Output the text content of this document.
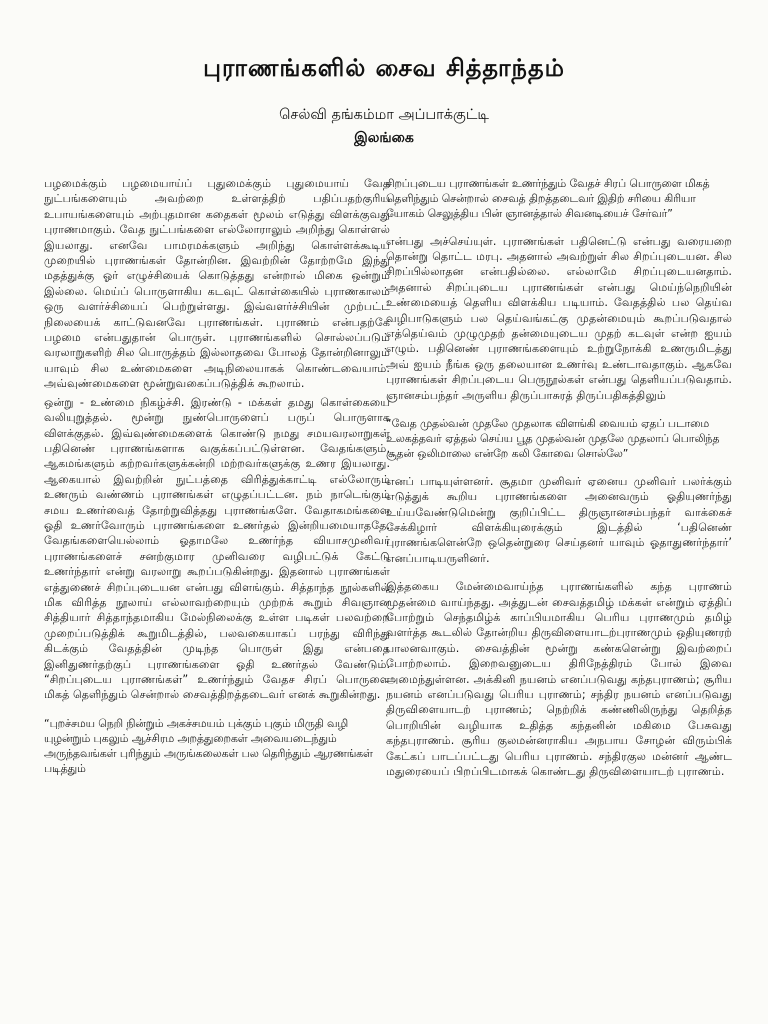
புராணங்களில் சைவ சித்தாந்தம்
செல்வி தங்கம்மா அப்பாக்குட்டி
இலங்கை

பழமைக்கும் பழமையாய்ப் புதுமைக்கும் புதுமையாய் வேத நுட்பங்களையும் அவற்றை உள்ளத்திற் பதிப்பதற்குரிய உபாயங்களையும் அற்புதமான கதைகள் மூலம் எடுத்து விளக்குவது புராணமாகும். வேத நுட்பங்களை எல்லோராலும் அறிந்து கொள்ளல் இயலாது. எனவே பாமரமக்களும் அறிந்து கொள்ளக்கூடிய முறையில் புராணங்கள் தோன்றின. இவற்றின் தோற்றமே இந்து மதத்துக்கு ஓர் எழுச்சியைக் கொடுத்தது என்றால் மிகை ஒன்றும் இல்லை. மெய்ப் பொருளாகிய கடவுட் கொள்கையில் புராணகாலம் ஒரு வளர்ச்சியைப் பெற்றுள்ளது. இவ்வளர்ச்சியின் முற்பட்ட நிலையைக் காட்டுவனவே புராணங்கள். புராணம் என்பதற்கே பழமை என்பதுதான் பொருள். புராணங்களில் சொல்லப்படும் வரலாறுகளிற் சில பொருத்தம் இல்லாதவை போலத் தோன்றினாலும் யாவும் சில உண்மைகளை அடிநிலையாகக் கொண்டவையாம். அவ்வுண்மைகளை மூன்றுவகைப்படுத்திக் கூறலாம்.

ஒன்று - உண்மை நிகழ்ச்சி. இரண்டு - மக்கள் தமது கொள்கையை வலியுறுத்தல். மூன்று நுண்பொருளைப் பருப் பொருளாக விளக்குதல். இவ்வுண்மைகளைக் கொண்டு நமது சமயவரலாறுகள் பதினெண் புராணங்களாக வகுக்கப்பட்டுள்ளன. வேதங்களும், ஆகமங்களும் கற்றவர்களுக்கன்றி மற்றவர்களுக்கு உணர இயலாது. ஆகையால் இவற்றின் நுட்பத்தை விரித்துக்காட்டி எல்லோரும் உணரும் வண்ணம் புராணங்கள் எழுதப்பட்டன. நம் நாடெங்கும் சமய உணர்வைத் தோற்றுவித்தது புராணங்களே. வேதாகமங்களை ஓதி உணர்வோரும் புராணங்களை உணர்தல் இன்றியமையாததே. வேதங்களையெல்லாம் ஓதாமலே உணர்ந்த வியாசமுனிவர் புராணங்களைச் சனற்குமார முனிவரை வழிபட்டுக் கேட்டு உணர்ந்தார் என்று வரலாறு கூறப்படுகின்றது. இதனால் புராணங்கள் எத்துணைச் சிறப்புடையன என்பது விளங்கும். சித்தாந்த நூல்களில் மிக விரித்த நூலாய் எல்லாவற்றையும் முற்றக் கூறும் சிவஞான சித்தியார் சித்தாந்தமாகிய மேல்நிலைக்கு உள்ள படிகள் பலவற்றை முறைப்படுத்திக் கூறுமிடத்தில், பலவகையாகப் பரந்து விரிந்து கிடக்கும் வேதத்தின் முடிந்த பொருள் இது என்பதை இனிதுணர்தற்குப் புராணங்களை ஓதி உணர்தல் வேண்டும். “சிறப்புடைய புராணங்கள்” உணர்ந்தும் வேதச சிரப் பொருளை மிகத் தெளிந்தும் சென்றால் சைவத்திறத்தடைவர் எனக் கூறுகின்றது.

“புறச்சமய நெறி நின்றும் அகச்சமயம் புக்கும் புகும் மிருதி வழி யுழன்றும் புகலும் ஆச்சிரம அறத்துறைகள் அவையடைந்தும் அருந்தவங்கள் புரிந்தும் அருங்கலைகள் பல தெரிந்தும் ஆரணங்கள் படித்தும்

சிறப்புடைய புராணங்கள் உணர்ந்தும் வேதச் சிரப் பொருளை மிகத் தெளிந்தும் சென்றால் சைவத் திறத்தடைவர் இதிற் சரியை கிரியா யோகம் செலுத்திய பின் ஞானத்தால் சிவனடியைச் சேர்வர்”

என்பது அச்செய்யுள். புராணங்கள் பதினெட்டு என்பது வரையறை தொன்று தொட்ட மரபு. அதனால் அவற்றுள் சில சிறப்புடையன. சில சிறப்பில்லாதன என்பதில்லை. எல்லாமே சிறப்புடையனதாம். அதனால் சிறப்புடைய புராணங்கள் என்பது மெய்ந்நெறியின் உண்மையைத் தெளிய விளக்கிய படியாம். வேதத்தில் பல தெய்வ வழிபாடுகளும் பல தெய்வங்கட்கு முதன்மையும் கூறப்படுவதால் எத்தெய்வம் முழுமுதற் தன்மையுடைய முதற் கடவுள் என்ற ஐயம் எழும். பதினெண் புராணங்களையும் உற்றுநோக்கி உணருமிடத்து அவ் ஐயம் நீங்க ஒரு தலையான உணர்வு உண்டாவதாகும். ஆகவே புராணங்கள் சிறப்புடைய பெருநூல்கள் என்பது தெளியப்படுவதாம். ஞானசம்பந்தர் அருளிய திருப்பாசுரத் திருப்பதிகத்திலும்

“வேத முதல்வன் முதலே முதலாக விளங்கி வையம் ஏதப் படாமை உலகத்தவர் ஏத்தல் செய்ய பூத முதல்வன் முதலே முதலாப் பொலிந்த சூதன் ஒலிமாலை என்றே கலி கோவை சொல்லே”

எனப் பாடியுள்ளனர். சூதமா முனிவர் ஏனைய முனிவர் பலர்க்கும் எடுத்துக் கூறிய புராணங்களை அனைவரும் ஓதியுணர்ந்து உய்யவேண்டுமென்று குறிப்பிட்ட திருஞானசம்பந்தர் வாக்கைச் சேக்கிழார் விளக்கியுரைக்கும் இடத்தில் ‘பதினெண் புராணங்களென்றே ஒதென்றுரை செய்தனர் யாவும் ஓதாதுணர்ந்தார்’ எனப்பாடியருளினர்.

இத்தகைய மேன்மைவாய்ந்த புராணங்களில் கந்த புராணம் முதன்மை வாய்ந்தது. அத்துடன் சைவத்தமிழ் மக்கள் என்றும் ஏத்திப் போற்றும் செந்தமிழ்க் காப்பியமாகிய பெரிய புராணமும் தமிழ் வளர்த்த கூடலில் தோன்றிய திருவிளையாடற்புராணமும் ஒதியுணரற் பாலனவாகும். சைவத்தின் மூன்று கண்களென்று இவற்றைப் போற்றலாம். இறைவனுடைய திரிநேத்திரம் போல் இவை அமைந்துள்ளன. அக்கினி நயனம் எனப்படுவது கந்தபுராணம்; சூரிய நயனம் எனப்படுவது பெரிய புராணம்; சந்திர நயனம் எனப்படுவது திருவிளையாடற் புராணம்; நெற்றிக் கண்ணிலிருந்து தெறித்த பொறியின் வழியாக உதித்த கந்தனின் மகிமை பேசுவது கந்தபுராணம். சூரிய குலமன்னராகிய அநபாய சோழன் விரும்பிக் கேட்கப் பாடப்பட்டது பெரிய புராணம். சந்திரகுல மன்னர் ஆண்ட மதுரையைப் பிறப்பிடமாகக் கொண்டது திருவிளையாடற் புராணம்.
